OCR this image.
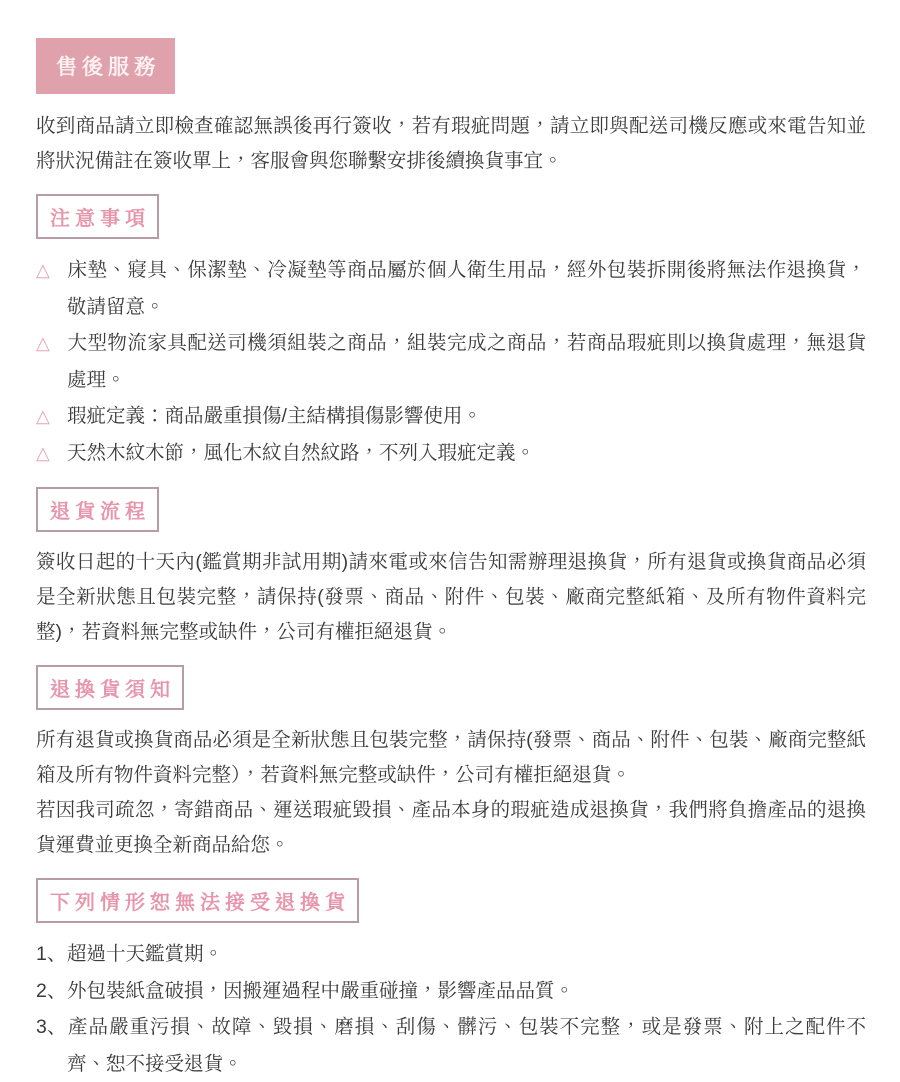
售後服務

收到商品請立即檢查確認無誤後再行簽收，若有瑕疵問題，請立即與配送司機反應或來電告知並將狀況備註在簽收單上，客服會與您聯繫安排後續換貨事宜。

注意事項
△ 床墊、寢具、保潔墊、冷凝墊等商品屬於個人衛生用品，經外包裝拆開後將無法作退換貨，敬請留意。
△ 大型物流家具配送司機須組裝之商品，組裝完成之商品，若商品瑕疵則以換貨處理，無退貨處理。
△ 瑕疵定義：商品嚴重損傷/主結構損傷影響使用。
△ 天然木紋木節，風化木紋自然紋路，不列入瑕疵定義。
退貨流程

簽收日起的十天內(鑑賞期非試用期)請來電或來信告知需辦理退換貨，所有退貨或換貨商品必須是全新狀態且包裝完整，請保持(發票、商品、附件、包裝、廠商完整紙箱、及所有物件資料完整)，若資料無完整或缺件，公司有權拒絕退貨。

退換貨須知

所有退貨或換貨商品必須是全新狀態且包裝完整，請保持(發票、商品、附件、包裝、廠商完整紙箱及所有物件資料完整），若資料無完整或缺件，公司有權拒絕退貨。

若因我司疏忽，寄錯商品、運送瑕疵毀損、產品本身的瑕疵造成退換貨，我們將負擔產品的退換貨運費並更換全新商品給您。

下列情形恕無法接受退換貨
1、超過十天鑑賞期。
2、外包裝紙盒破損，因搬運過程中嚴重碰撞，影響產品品質。
3、產品嚴重污損、故障、毀損、磨損、刮傷、髒污、包裝不完整，或是發票、附上之配件不齊、恕不接受退貨。
